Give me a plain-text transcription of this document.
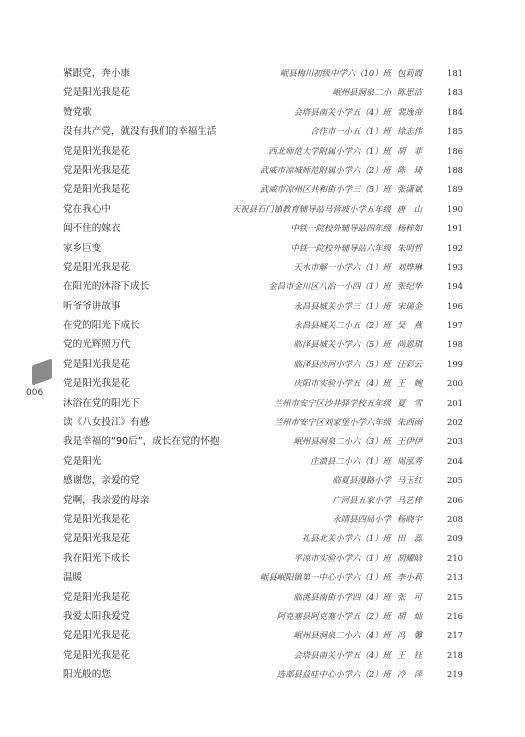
紧跟党，奔小康	岷县梅川初级中学六（10）班 包莉霞	181
党是阳光我是花	岷州县洞泉二小 陈思洁	183
赞党歌	会塔县南关小学五（4）班 裴逸帝	184
没有共产党，就没有我们的幸福生活	合作市一小五（1）班 徐志伟	185
党是阳光我是花	西北师范大学附属小学六（1）班 胡　菲	186
党是阳光我是花	武威市凉城师范附属小学六（2）班 陈　琦	188
党是阳光我是花	武威市凉州区共和街小学三（5）班 张潇斌	189
党在我心中	天祝县石门镇教育辅导站马营坡小学五年级 唐　山	190
闻不住的嫁衣	中铁一院校外辅导站四年级 杨梓如	191
家乡巨变	中铁一院校外辅导站六年级 朱明哲	192
党是阳光我是花	天水市解一小学六（1）班 刘烨琳	193
在阳光的沐浴下成长	金昌市金川区八冶一小四（1）班 张纪华	194
听爷爷讲故事	永昌县城关小学三（1）班 宋瑞金	196
在党的阳光下成长	永昌县城关二小五（2）班 吴　燕	197
党的光辉照万代	临泽县城关小学六（5）班 尚恩琪	198
党是阳光我是花	临泽县沙河小学六（5）班 汪彩云	199
党是阳光我是花	庆阳市实验小学五（4）班 王　婉	200
沐浴在党的阳光下	兰州市安宁区沙井驿学校五年级 夏　雪	201
读《八女投江》有感	兰州市安宁区刘家堡小学六年级 朱西雨	202
我是幸福的“90后”，成长在党的怀抱	岷州县洞泉二小六（3）班 王伊伊	203
党是阳光	庄浪县二小六（1）班 周泓秀	204
感谢您，亲爱的党	临夏县漫路小学 马玉红	205
党啊，我亲爱的母亲	广河县五家小学 马艺梓	206
党是阳光我是花	永靖县四局小学 杨晓宇	208
党是阳光我是花	礼县北关小学六（1）班 田　蕊	209
我在阳光下成长	平凉市实验小学六（1）班 胡耀晗	210
温暖	岷县岷阳镇第一中心小学六（1）班 李小莉	213
党是阳光我是花	临洮县南街小学四（4）班 张　可	215
我爱太阳我爱党	阿克塞县阿克塞小学五（2）班 胡　灿	216
党是阳光我是花	岷州县洞泉二小六（4）班 冯　馨	217
党是阳光我是花	会塔县南关小学五（4）班 王　钰	218
阳光般的您	选部县益哇中心小学六（2）班 冷　萍	219
006
